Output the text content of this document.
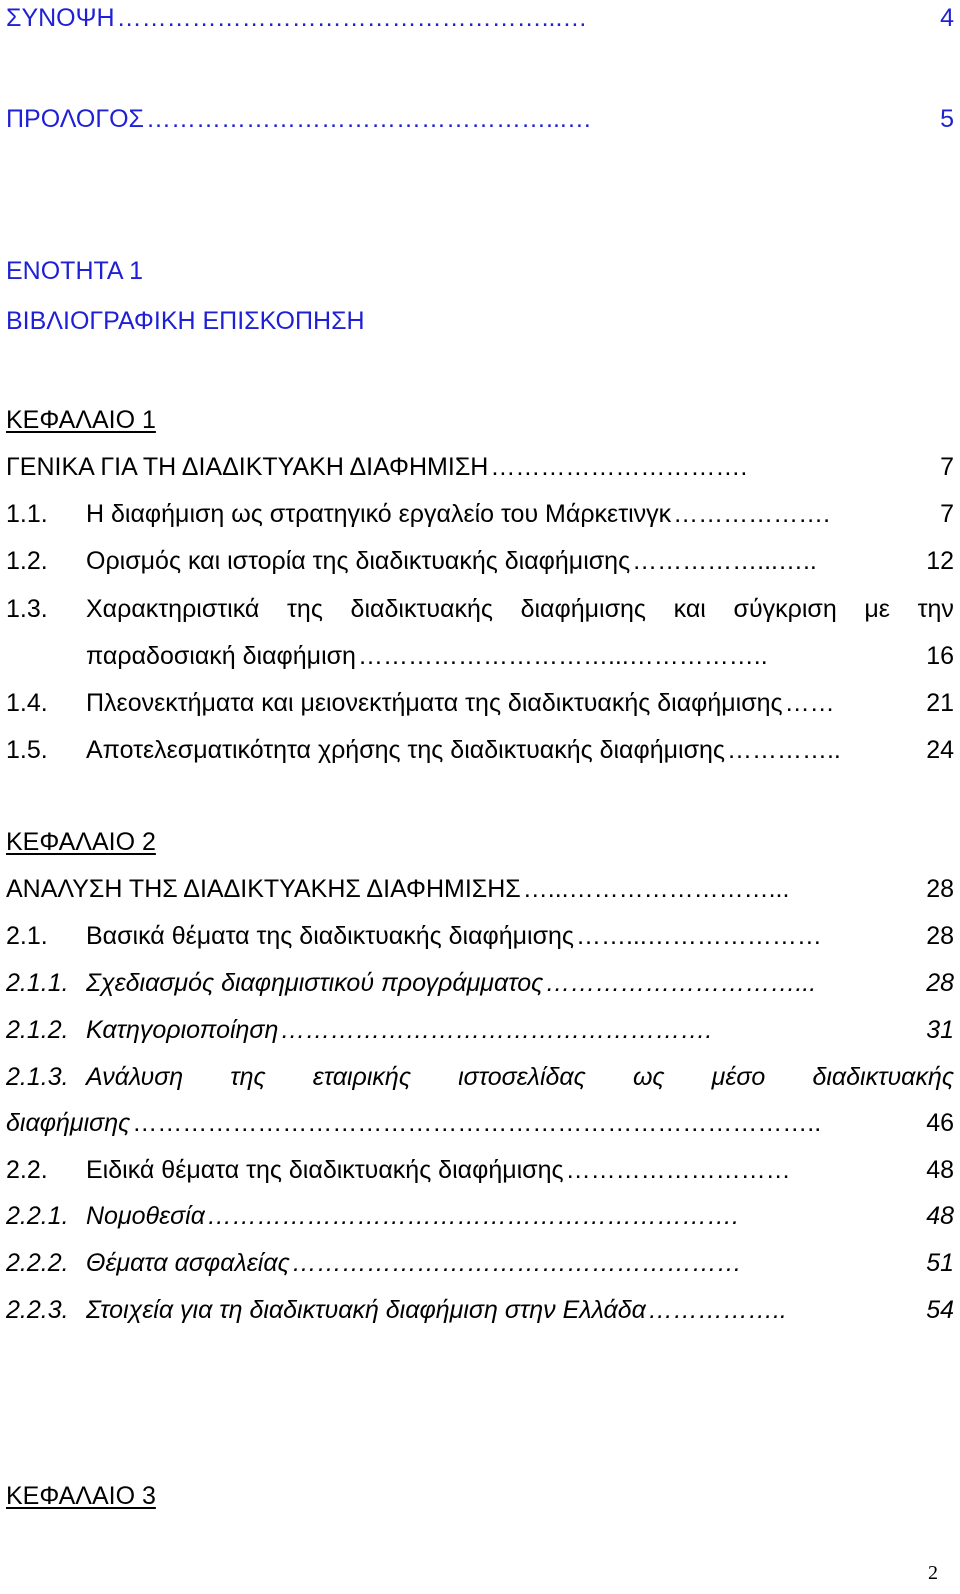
ΣΥΝΟΨΗ ……………………………………………...…	4
ΠΡΟΛΟΓΟΣ …………………………………………...…	5
ΕΝΟΤΗΤΑ 1
ΒΙΒΛΙΟΓΡΑΦΙΚΗ ΕΠΙΣΚΟΠΗΣΗ
ΚΕΦΑΛΑΙΟ 1
ΓΕΝΙΚΑ ΓΙΑ ΤΗ ΔΙΑΔΙΚΤΥΑΚΗ ΔΙΑΦΗΜΙΣΗ ………………………….	7
1.1.	Η διαφήμιση ως στρατηγικό εργαλείο του Μάρκετινγκ ……………….	7
1.2.	Ορισμός και ιστορία της διαδικτυακής διαφήμισης ……………...…..	12
1.3.	Χαρακτηριστικά της διαδικτυακής διαφήμισης και σύγκριση με την
παραδοσιακή διαφήμιση …………………………...……………..	16
1.4.	Πλεονεκτήματα και μειονεκτήματα της διαδικτυακής διαφήμισης ……	21
1.5.	Αποτελεσματικότητα χρήσης της διαδικτυακής διαφήμισης …………..	24
ΚΕΦΑΛΑΙΟ 2
ΑΝΑΛΥΣΗ ΤΗΣ ΔΙΑΔΙΚΤΥΑΚΗΣ ΔΙΑΦΗΜΙΣΗΣ …...……………………...	28
2.1.	Βασικά θέματα της διαδικτυακής διαφήμισης ……...…………………	28
2.1.1. Σχεδιασμός διαφημιστικού προγράμματος …………………………...	28
2.1.2. Κατηγοριοποίηση …………………………………………….	31
2.1.3. Ανάλυση της εταιρικής ιστοσελίδας ως μέσο διαδικτυακής
διαφήμισης ………………………………………………………………………..	46
2.2.	Ειδικά θέματα της διαδικτυακής διαφήμισης ………………………	48
2.2.1. Νομοθεσία ……………………………………………………….	48
2.2.2. Θέματα ασφαλείας ………………………………………………	51
2.2.3. Στοιχεία για τη διαδικτυακή διαφήμιση στην Ελλάδα ……………..	54
ΚΕΦΑΛΑΙΟ 3
2
